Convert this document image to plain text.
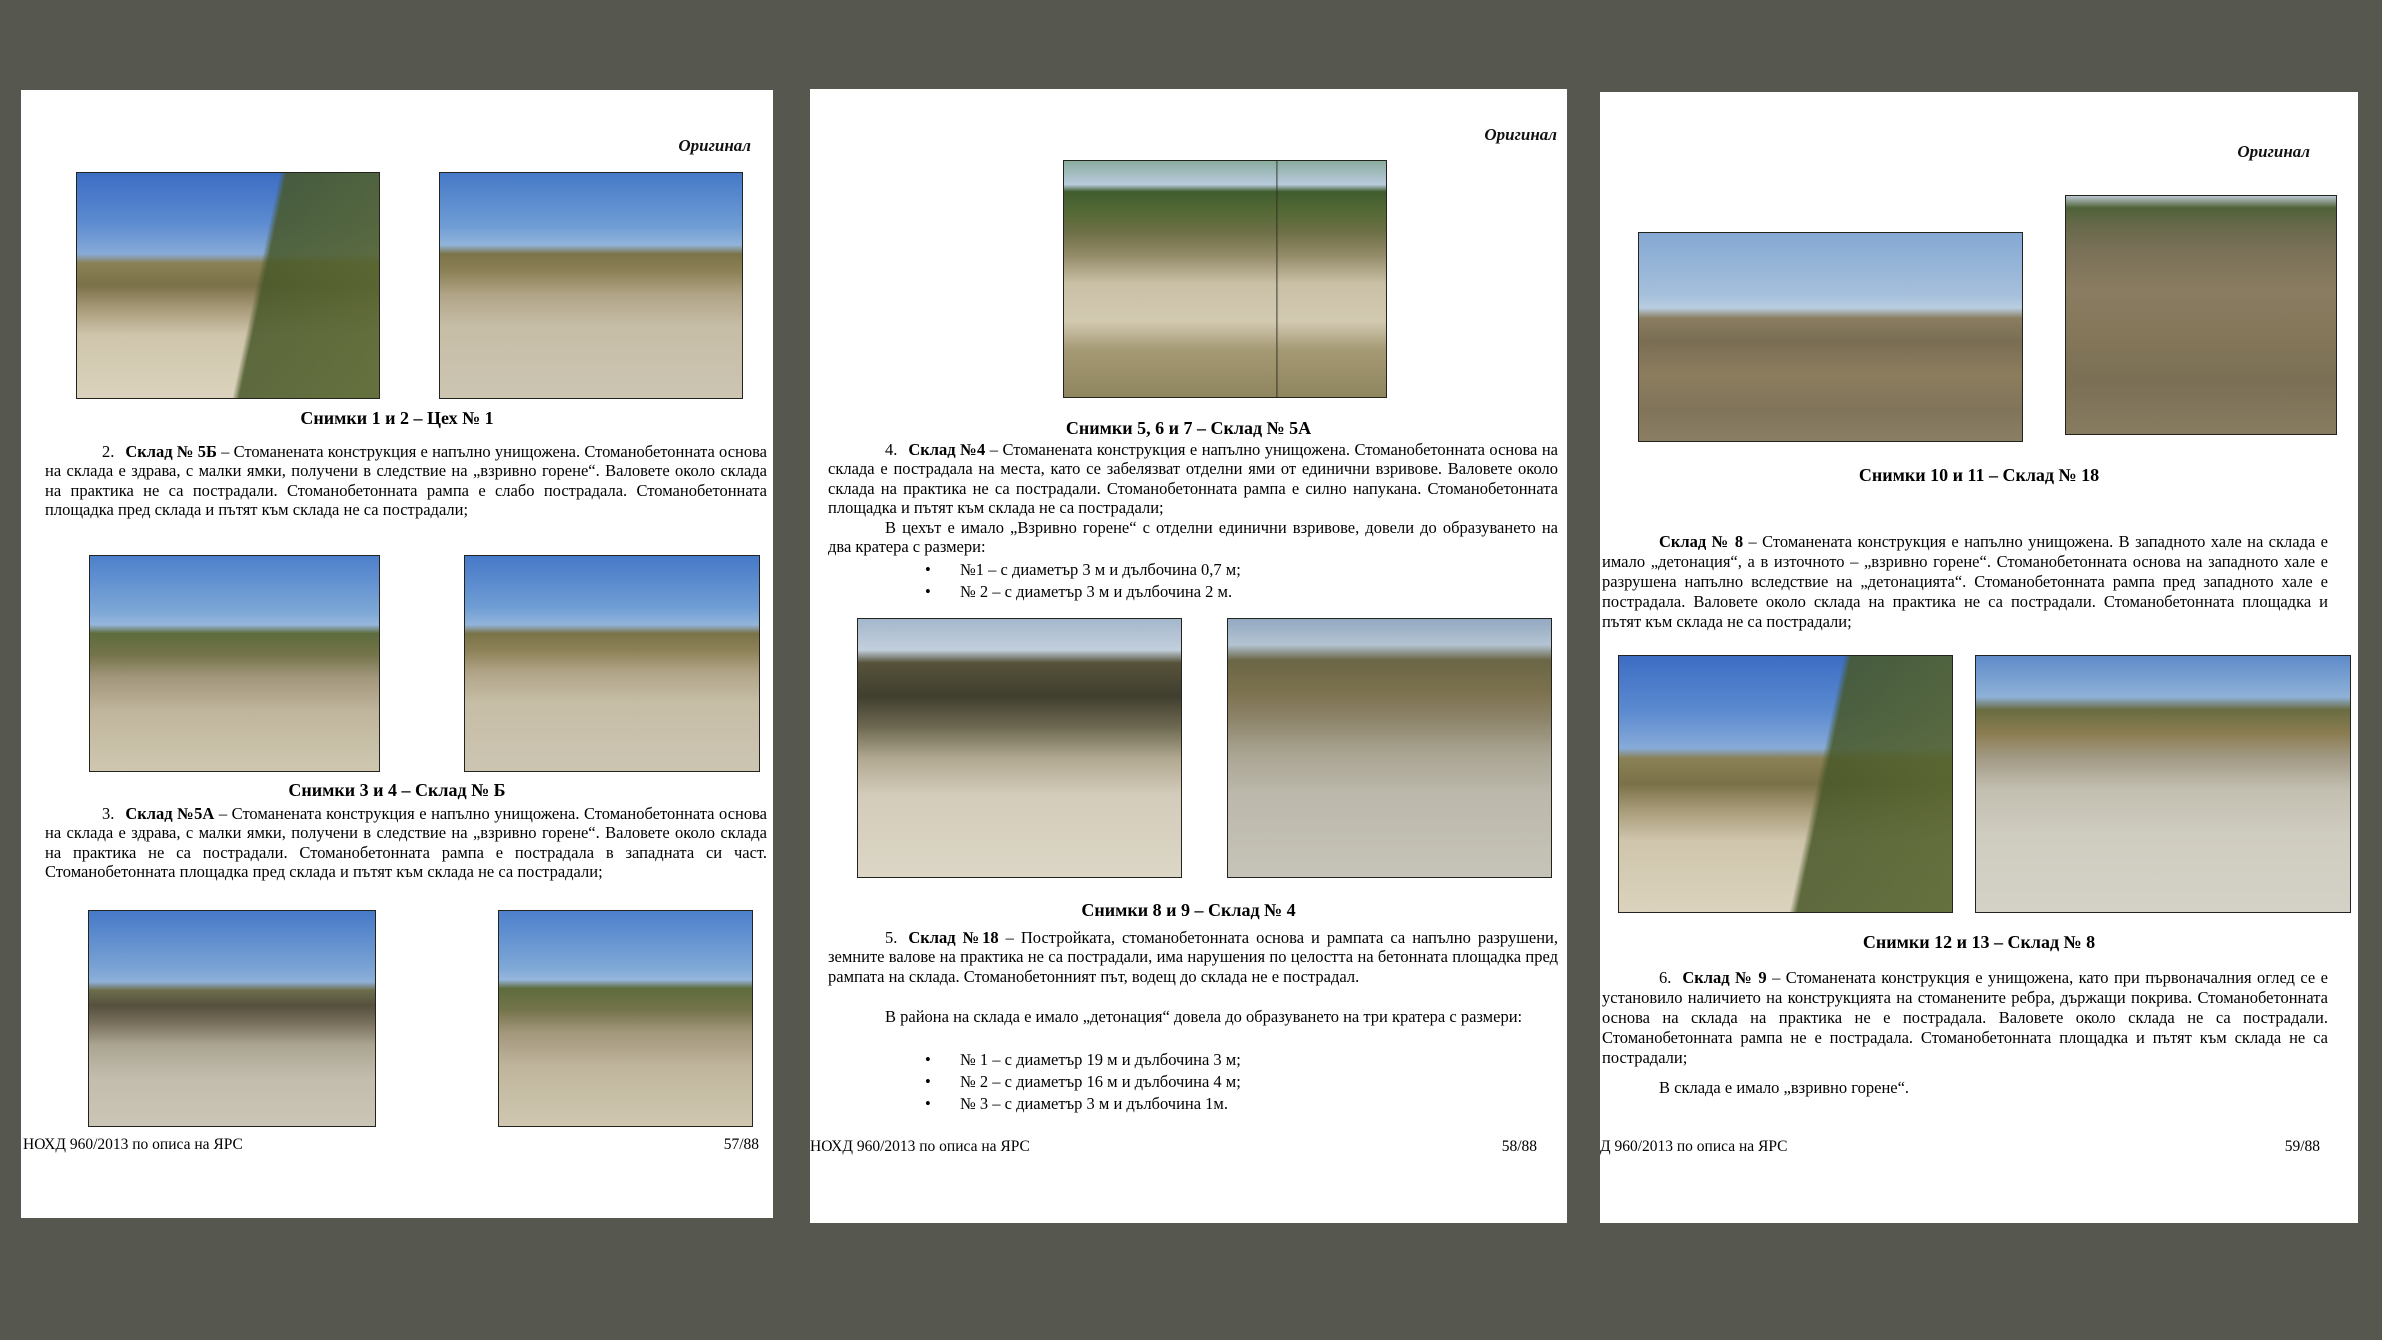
Оригинал
Снимки 1 и 2 – Цех № 1

2. Склад № 5Б – Стоманената конструкция е напълно унищожена. Стоманобетонната основа на склада е здрава, с малки ямки, получени в следствие на „взривно горене“. Валовете около склада на практика не са пострадали. Стоманобетонната рампа е слабо пострадала. Стоманобетонната площадка пред склада и пътят към склада не са пострадали;

Снимки 3 и 4 – Склад № Б

3. Склад №5А – Стоманената конструкция е напълно унищожена. Стоманобетонната основа на склада е здрава, с малки ямки, получени в следствие на „взривно горене“. Валовете около склада на практика не са пострадали. Стоманобетонната рампа е пострадала в западната си част. Стоманобетонната площадка пред склада и пътят към склада не са пострадали;

НОХД 960/2013 по описа на ЯРС	57/88
Оригинал
Снимки 5, 6 и 7 – Склад № 5А

4. Склад №4 – Стоманената конструкция е напълно унищожена. Стоманобетонната основа на склада е пострадала на места, като се забелязват отделни ями от единични взривове. Валовете около склада на практика не са пострадали. Стоманобетонната рампа е силно напукана. Стоманобетонната площадка и пътят към склада не са пострадали;

В цехът е имало „Взривно горене“ с отделни единични взривове, довели до образуването на два кратера с размери:

• №1 – с диаметър 3 м и дълбочина 0,7 м;
• № 2 – с диаметър 3 м и дълбочина 2 м.
Снимки 8 и 9 – Склад № 4

5. Склад №18 – Постройката, стоманобетонната основа и рампата са напълно разрушени, земните валове на практика не са пострадали, има нарушения по целостта на бетонната площадка пред рампата на склада. Стоманобетонният път, водещ до склада не е пострадал.

В района на склада е имало „детонация“ довела до образуването на три кратера с размери:

• № 1 – с диаметър 19 м и дълбочина 3 м;
• № 2 – с диаметър 16 м и дълбочина 4 м;
• № 3 – с диаметър 3 м и дълбочина 1м.
НОХД 960/2013 по описа на ЯРС	58/88
Оригинал
Снимки 10 и 11 – Склад № 18

Склад № 8 – Стоманената конструкция е напълно унищожена. В западното хале на склада е имало „детонация“, а в източното – „взривно горене“. Стоманобетонната основа на западното хале е разрушена напълно вследствие на „детонацията“. Стоманобетонната рампа пред западното хале е пострадала. Валовете около склада на практика не са пострадали. Стоманобетонната площадка и пътят към склада не са пострадали;

Снимки 12 и 13 – Склад № 8

6. Склад № 9 – Стоманената конструкция е унищожена, като при първоначалния оглед се е установило наличието на конструкцията на стоманените ребра, държащи покрива. Стоманобетонната основа на склада на практика не е пострадала. Валовете около склада не са пострадали. Стоманобетонната рампа не е пострадала. Стоманобетонната площадка и пътят към склада не са пострадали;

В склада е имало „взривно горене“.

Д 960/2013 по описа на ЯРС	59/88
